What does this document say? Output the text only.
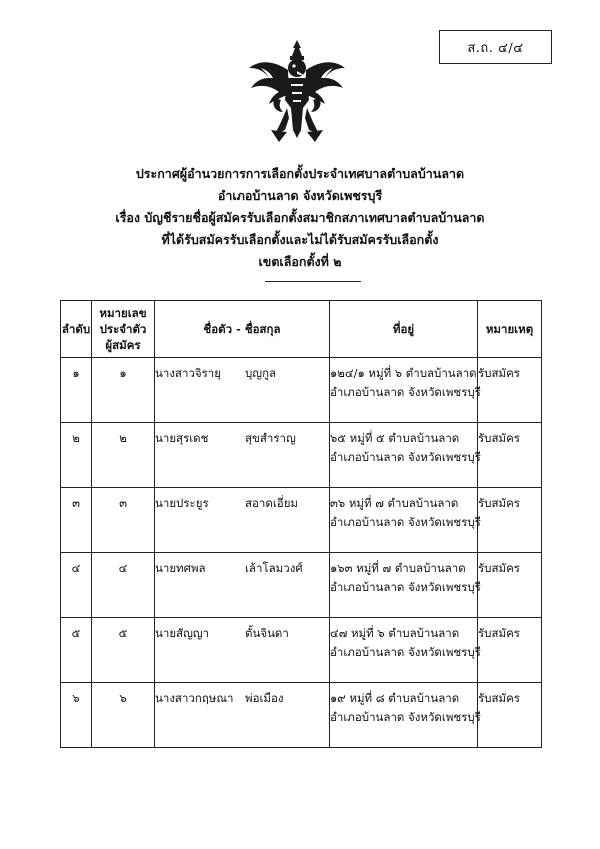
ส.ถ. ๔/๔
ประกาศผู้อำนวยการการเลือกตั้งประจำเทศบาลตำบลบ้านลาด
อำเภอบ้านลาด จังหวัดเพชรบุรี
เรื่อง บัญชีรายชื่อผู้สมัครรับเลือกตั้งสมาชิกสภาเทศบาลตำบลบ้านลาด
ที่ได้รับสมัครรับเลือกตั้งและไม่ได้รับสมัครรับเลือกตั้ง
เขตเลือกตั้งที่ ๒
ลำดับ	หมายเลข
ประจำตัว
ผู้สมัคร	ชื่อตัว - ชื่อสกุล	ที่อยู่	หมายเหตุ
๑	๑	นางสาวจิรายุ บุญกูล	๑๒๔/๑ หมู่ที่ ๖ ตำบลบ้านลาด
อำเภอบ้านลาด จังหวัดเพชรบุรี	รับสมัคร
๒	๒	นายสุรเดช สุขสำราญ	๖๕ หมู่ที่ ๕ ตำบลบ้านลาด
อำเภอบ้านลาด จังหวัดเพชรบุรี	รับสมัคร
๓	๓	นายประยูร สอาดเอี่ยม	๓๖ หมู่ที่ ๗ ตำบลบ้านลาด
อำเภอบ้านลาด จังหวัดเพชรบุรี	รับสมัคร
๔	๔	นายทศพล เล้าโลมวงศ์	๑๖๓ หมู่ที่ ๗ ตำบลบ้านลาด
อำเภอบ้านลาด จังหวัดเพชรบุรี	รับสมัคร
๕	๕	นายสัญญา ตั้นจินดา	๔๗ หมู่ที่ ๖ ตำบลบ้านลาด
อำเภอบ้านลาด จังหวัดเพชรบุรี	รับสมัคร
๖	๖	นางสาวกฤษณา พ่อเมือง	๑๙ หมู่ที่ ๘ ตำบลบ้านลาด
อำเภอบ้านลาด จังหวัดเพชรบุรี	รับสมัคร
